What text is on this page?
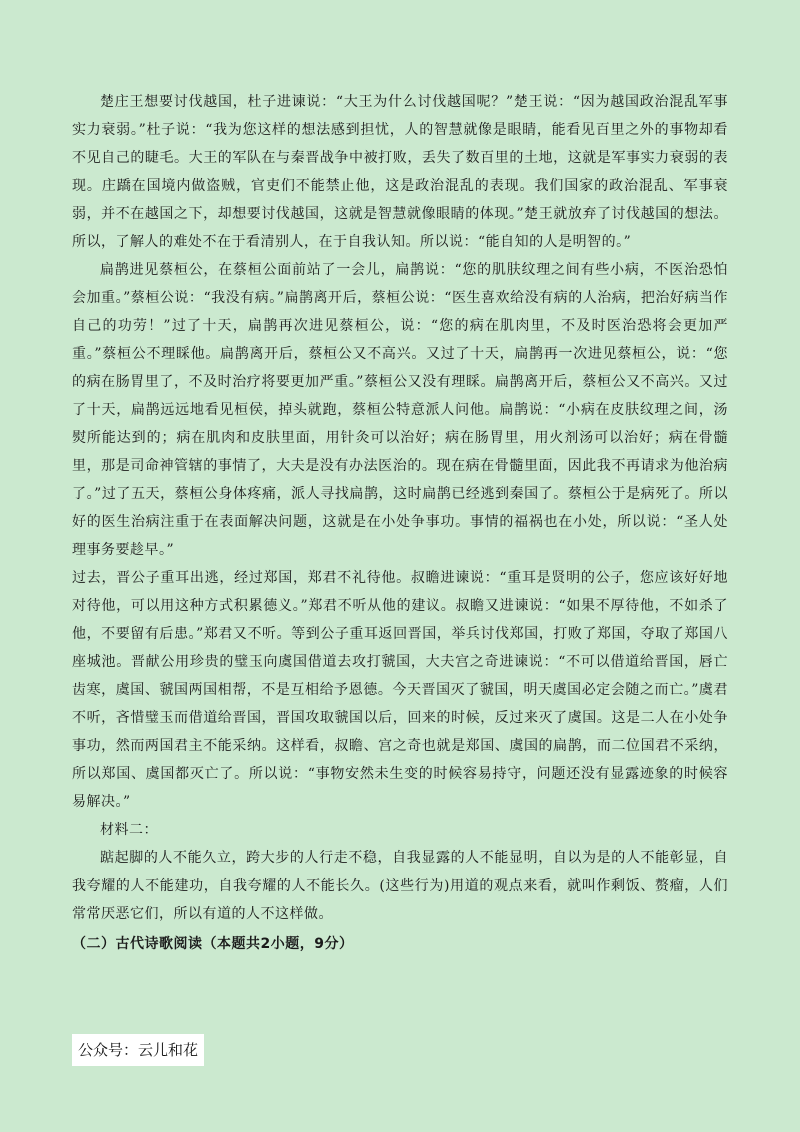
楚庄王想要讨伐越国，杜子进谏说：“大王为什么讨伐越国呢？”楚王说：“因为越国政治混乱军事实力衰弱。”杜子说：“我为您这样的想法感到担忧，人的智慧就像是眼睛，能看见百里之外的事物却看不见自己的睫毛。大王的军队在与秦晋战争中被打败，丢失了数百里的土地，这就是军事实力衰弱的表现。庄蹻在国境内做盗贼，官吏们不能禁止他，这是政治混乱的表现。我们国家的政治混乱、军事衰弱，并不在越国之下，却想要讨伐越国，这就是智慧就像眼睛的体现。”楚王就放弃了讨伐越国的想法。所以，了解人的难处不在于看清别人，在于自我认知。所以说：“能自知的人是明智的。”

扁鹊进见蔡桓公，在蔡桓公面前站了一会儿，扁鹊说：“您的肌肤纹理之间有些小病，不医治恐怕会加重。”蔡桓公说：“我没有病。”扁鹊离开后，蔡桓公说：“医生喜欢给没有病的人治病，把治好病当作自己的功劳！”过了十天，扁鹊再次进见蔡桓公，说：“您的病在肌肉里，不及时医治恐将会更加严重。”蔡桓公不理睬他。扁鹊离开后，蔡桓公又不高兴。又过了十天，扁鹊再一次进见蔡桓公，说：“您的病在肠胃里了，不及时治疗将要更加严重。”蔡桓公又没有理睬。扁鹊离开后，蔡桓公又不高兴。又过了十天，扁鹊远远地看见桓侯，掉头就跑，蔡桓公特意派人问他。扁鹊说：“小病在皮肤纹理之间，汤熨所能达到的；病在肌肉和皮肤里面，用针灸可以治好；病在肠胃里，用火剂汤可以治好；病在骨髓里，那是司命神管辖的事情了，大夫是没有办法医治的。现在病在骨髓里面，因此我不再请求为他治病了。”过了五天，蔡桓公身体疼痛，派人寻找扁鹊，这时扁鹊已经逃到秦国了。蔡桓公于是病死了。所以好的医生治病注重于在表面解决问题，这就是在小处争事功。事情的福祸也在小处，所以说：“圣人处理事务要趁早。”

过去，晋公子重耳出逃，经过郑国，郑君不礼待他。叔瞻进谏说：“重耳是贤明的公子，您应该好好地对待他，可以用这种方式积累德义。”郑君不听从他的建议。叔瞻又进谏说：“如果不厚待他，不如杀了他，不要留有后患。”郑君又不听。等到公子重耳返回晋国，举兵讨伐郑国，打败了郑国，夺取了郑国八座城池。晋献公用珍贵的璧玉向虞国借道去攻打虢国，大夫宫之奇进谏说：“不可以借道给晋国，唇亡齿寒，虞国、虢国两国相帮，不是互相给予恩德。今天晋国灭了虢国，明天虞国必定会随之而亡。”虞君不听，吝惜璧玉而借道给晋国，晋国攻取虢国以后，回来的时候，反过来灭了虞国。这是二人在小处争事功，然而两国君主不能采纳。这样看，叔瞻、宫之奇也就是郑国、虞国的扁鹊，而二位国君不采纳，所以郑国、虞国都灭亡了。所以说：“事物安然未生变的时候容易持守，问题还没有显露迹象的时候容易解决。”

材料二：

踮起脚的人不能久立，跨大步的人行走不稳，自我显露的人不能显明，自以为是的人不能彰显，自我夸耀的人不能建功，自我夸耀的人不能长久。(这些行为)用道的观点来看，就叫作剩饭、赘瘤，人们常常厌恶它们，所以有道的人不这样做。

（二）古代诗歌阅读（本题共2小题，9分）

公众号：云儿和花
